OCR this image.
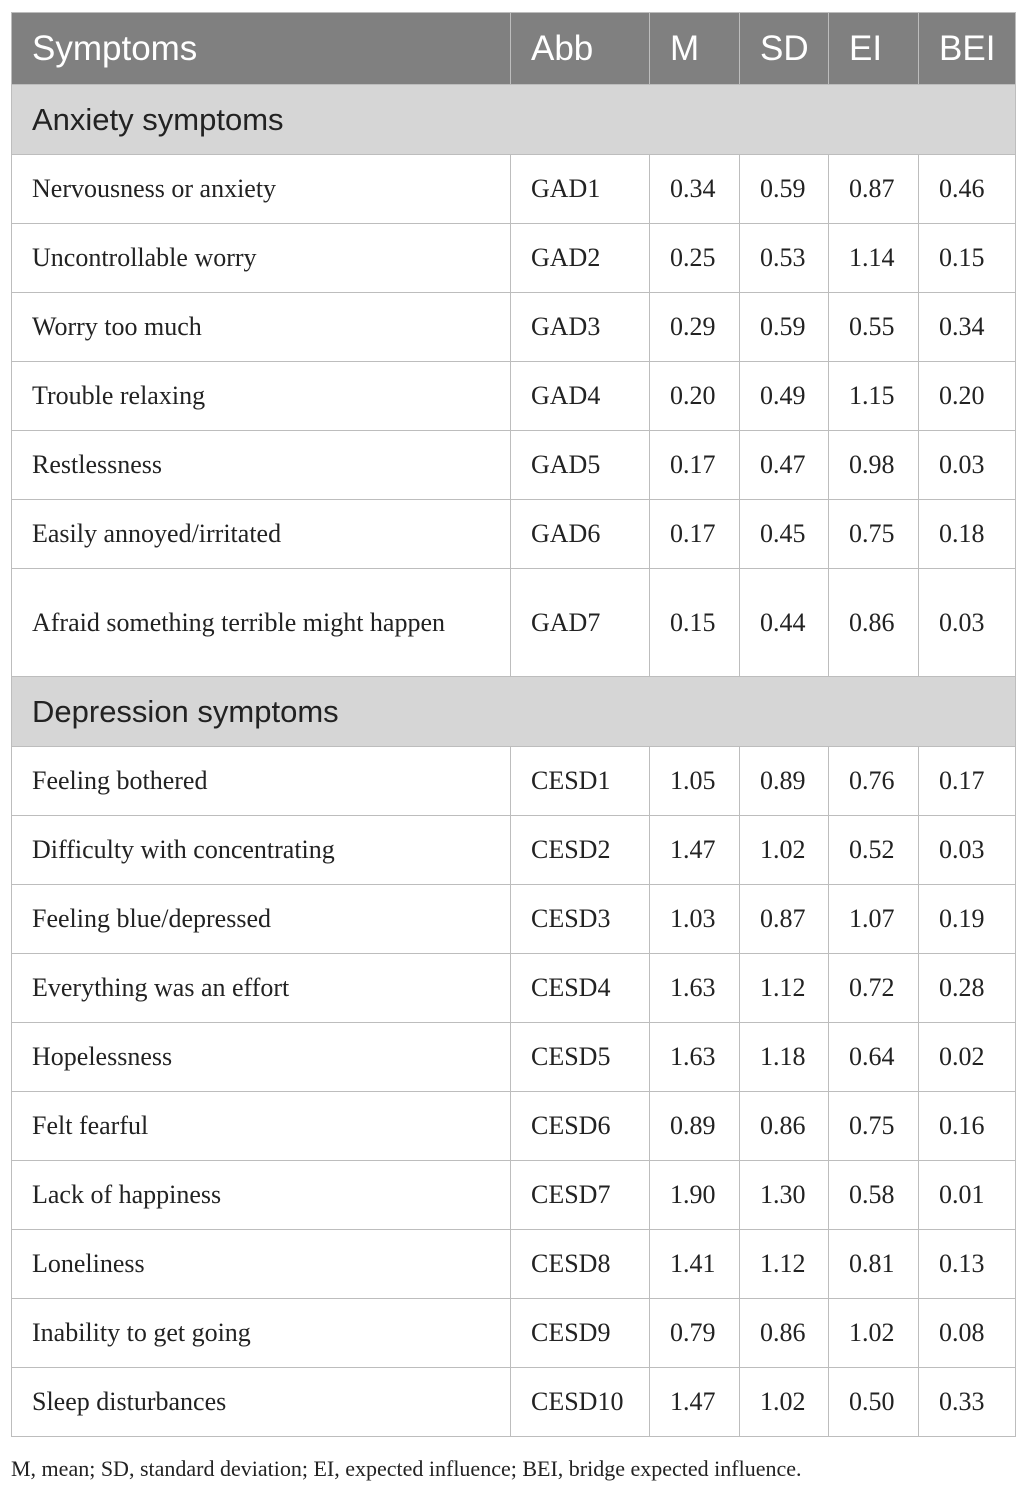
Symptoms	Abb	M	SD	EI	BEI
Anxiety symptoms					
Nervousness or anxiety	GAD1	0.34	0.59	0.87	0.46
Uncontrollable worry	GAD2	0.25	0.53	1.14	0.15
Worry too much	GAD3	0.29	0.59	0.55	0.34
Trouble relaxing	GAD4	0.20	0.49	1.15	0.20
Restlessness	GAD5	0.17	0.47	0.98	0.03
Easily annoyed/irritated	GAD6	0.17	0.45	0.75	0.18
Afraid something terrible might happen	GAD7	0.15	0.44	0.86	0.03
Depression symptoms					
Feeling bothered	CESD1	1.05	0.89	0.76	0.17
Difficulty with concentrating	CESD2	1.47	1.02	0.52	0.03
Feeling blue/depressed	CESD3	1.03	0.87	1.07	0.19
Everything was an effort	CESD4	1.63	1.12	0.72	0.28
Hopelessness	CESD5	1.63	1.18	0.64	0.02
Felt fearful	CESD6	0.89	0.86	0.75	0.16
Lack of happiness	CESD7	1.90	1.30	0.58	0.01
Loneliness	CESD8	1.41	1.12	0.81	0.13
Inability to get going	CESD9	0.79	0.86	1.02	0.08
Sleep disturbances	CESD10	1.47	1.02	0.50	0.33
M, mean; SD, standard deviation; EI, expected influence; BEI, bridge expected influence.
